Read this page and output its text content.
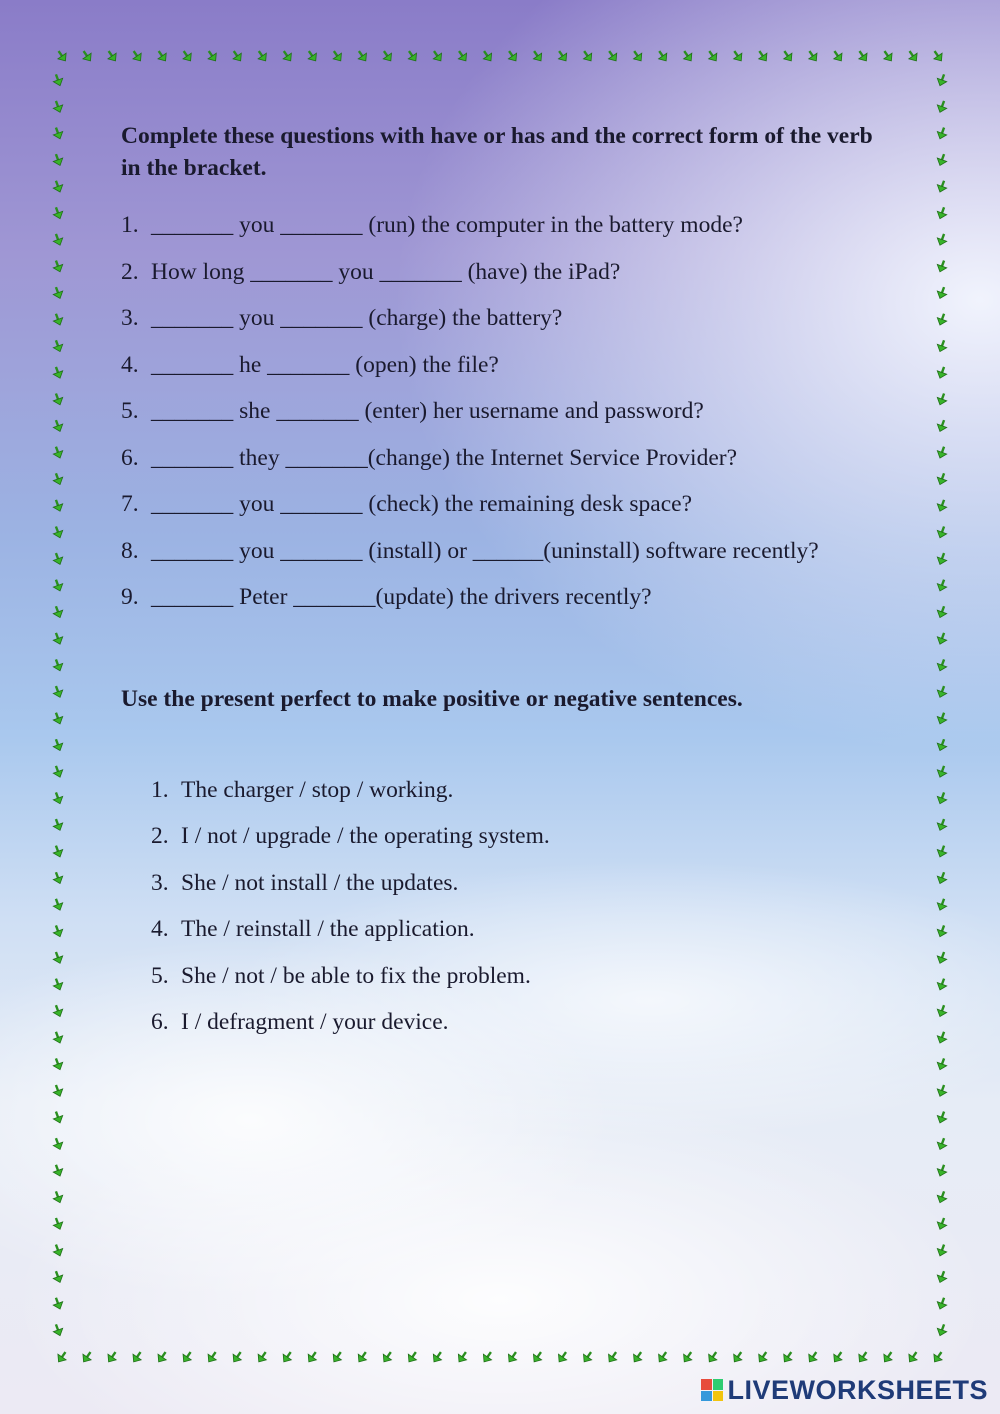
Complete these questions with have or has and the correct form of the verb in the bracket.

1. _______ you _______ (run) the computer in the battery mode?
2. How long _______ you _______ (have) the iPad?
3. _______ you _______ (charge) the battery?
4. _______ he _______ (open) the file?
5. _______ she _______ (enter) her username and password?
6. _______ they _______(change) the Internet Service Provider?
7. _______ you _______ (check) the remaining desk space?
8. _______ you _______ (install) or ______(uninstall) software recently?
9. _______ Peter _______(update) the drivers recently?

Use the present perfect to make positive or negative sentences.

1. The charger / stop / working.
2. I / not / upgrade / the operating system.
3. She / not install / the updates.
4. The / reinstall / the application.
5. She / not / be able to fix the problem.
6. I / defragment / your device.
LIVEWORKSHEETS
